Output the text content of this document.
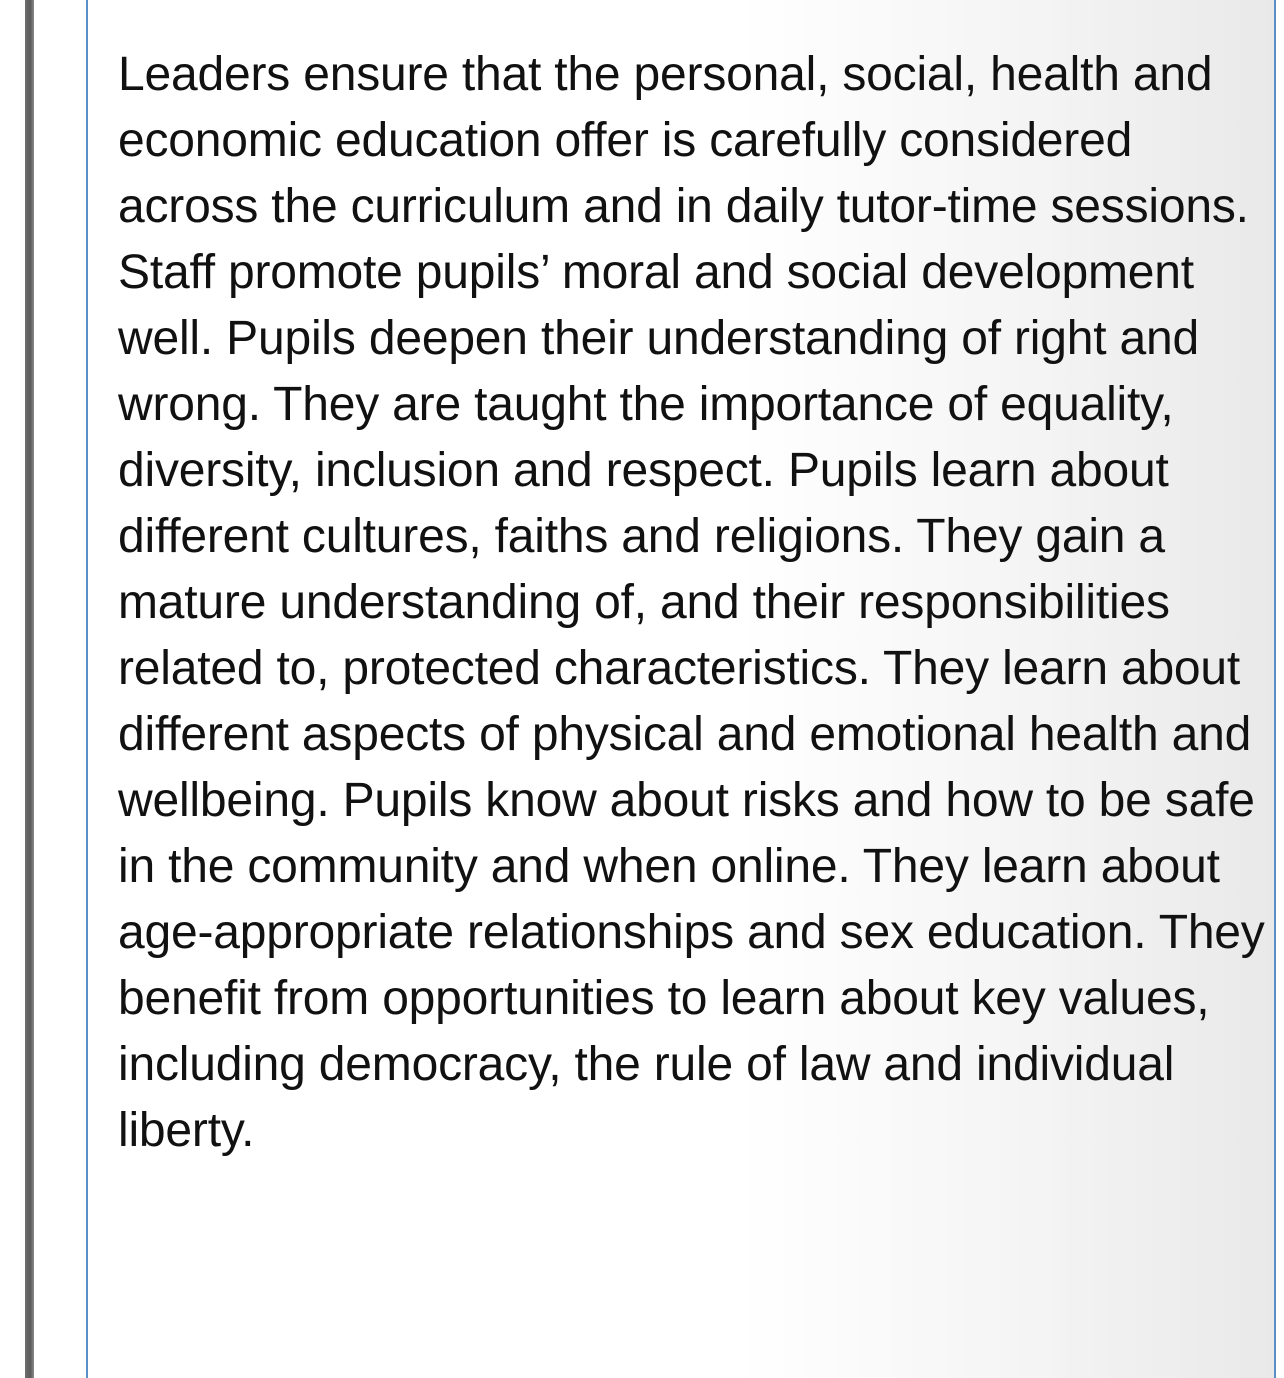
Leaders ensure that the personal, social, health and economic education offer is carefully considered across the curriculum and in daily tutor-time sessions. Staff promote pupils’ moral and social development well. Pupils deepen their understanding of right and wrong. They are taught the importance of equality, diversity, inclusion and respect. Pupils learn about different cultures, faiths and religions. They gain a mature understanding of, and their responsibilities related to, protected characteristics. They learn about different aspects of physical and emotional health and wellbeing. Pupils know about risks and how to be safe in the community and when online. They learn about age-appropriate relationships and sex education. They benefit from opportunities to learn about key values, including democracy, the rule of law and individual liberty.
